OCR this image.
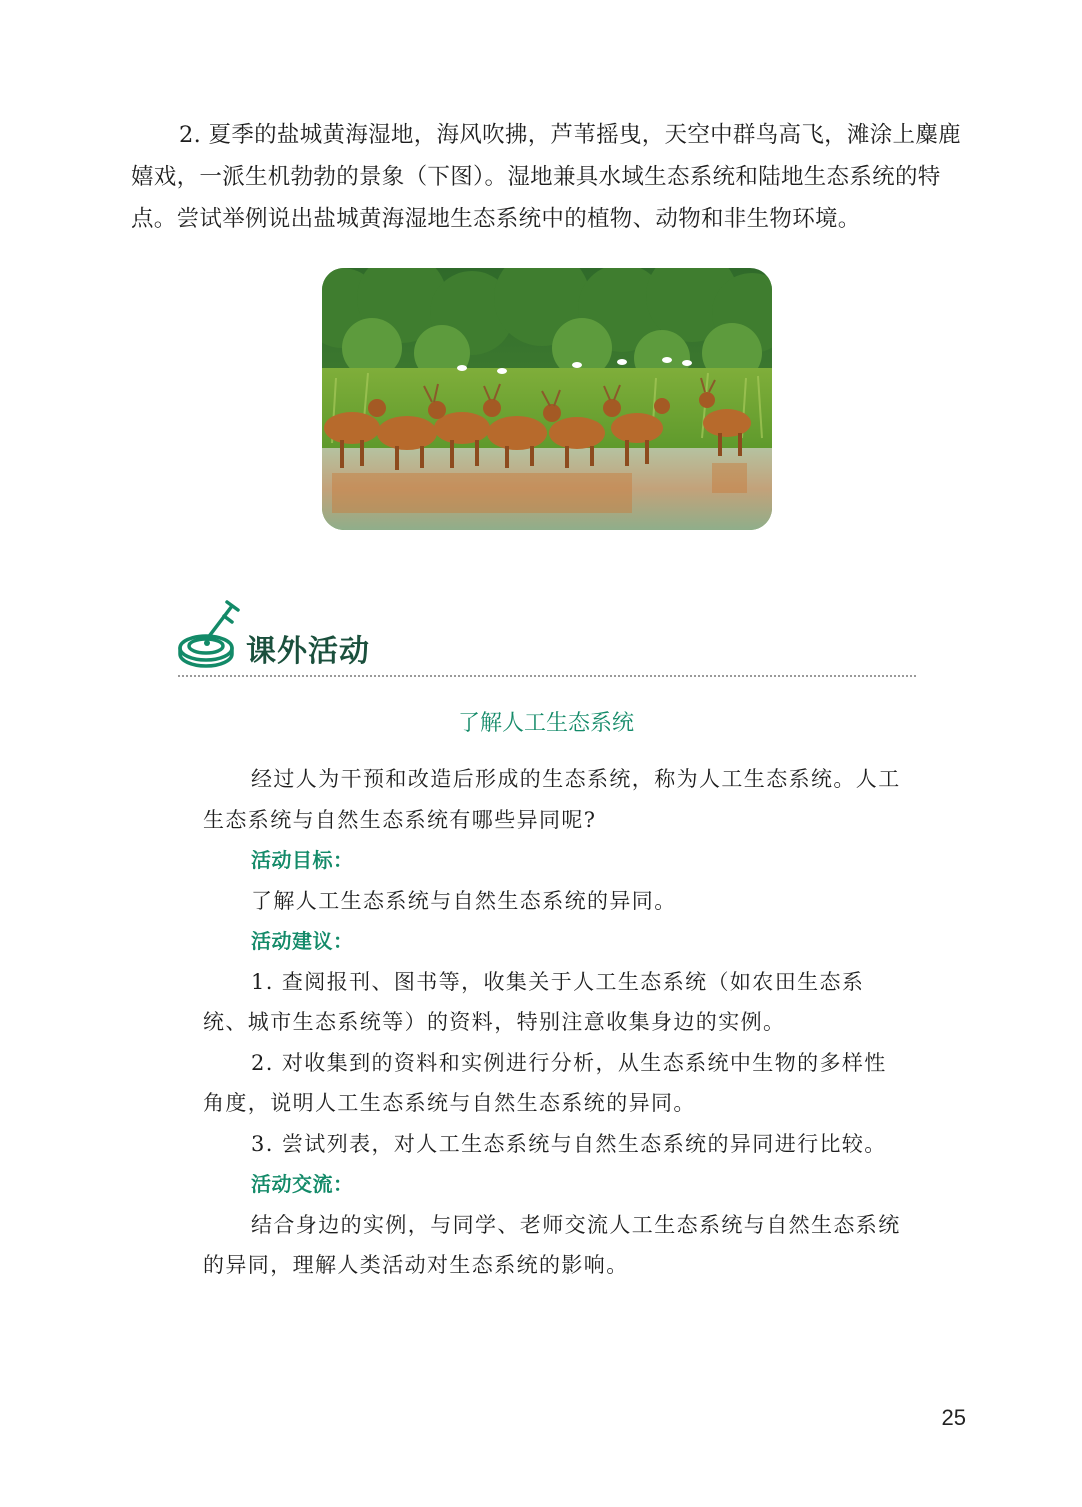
2. 夏季的盐城黄海湿地，海风吹拂，芦苇摇曳，天空中群鸟高飞，滩涂上麋鹿嬉戏，一派生机勃勃的景象（下图）。湿地兼具水域生态系统和陆地生态系统的特点。尝试举例说出盐城黄海湿地生态系统中的植物、动物和非生物环境。

课外活动
了解人工生态系统

经过人为干预和改造后形成的生态系统，称为人工生态系统。人工生态系统与自然生态系统有哪些异同呢?

活动目标：

了解人工生态系统与自然生态系统的异同。

活动建议：

1. 查阅报刊、图书等，收集关于人工生态系统（如农田生态系统、城市生态系统等）的资料，特别注意收集身边的实例。

2. 对收集到的资料和实例进行分析，从生态系统中生物的多样性角度，说明人工生态系统与自然生态系统的异同。

3. 尝试列表，对人工生态系统与自然生态系统的异同进行比较。

活动交流：

结合身边的实例，与同学、老师交流人工生态系统与自然生态系统的异同，理解人类活动对生态系统的影响。

25
